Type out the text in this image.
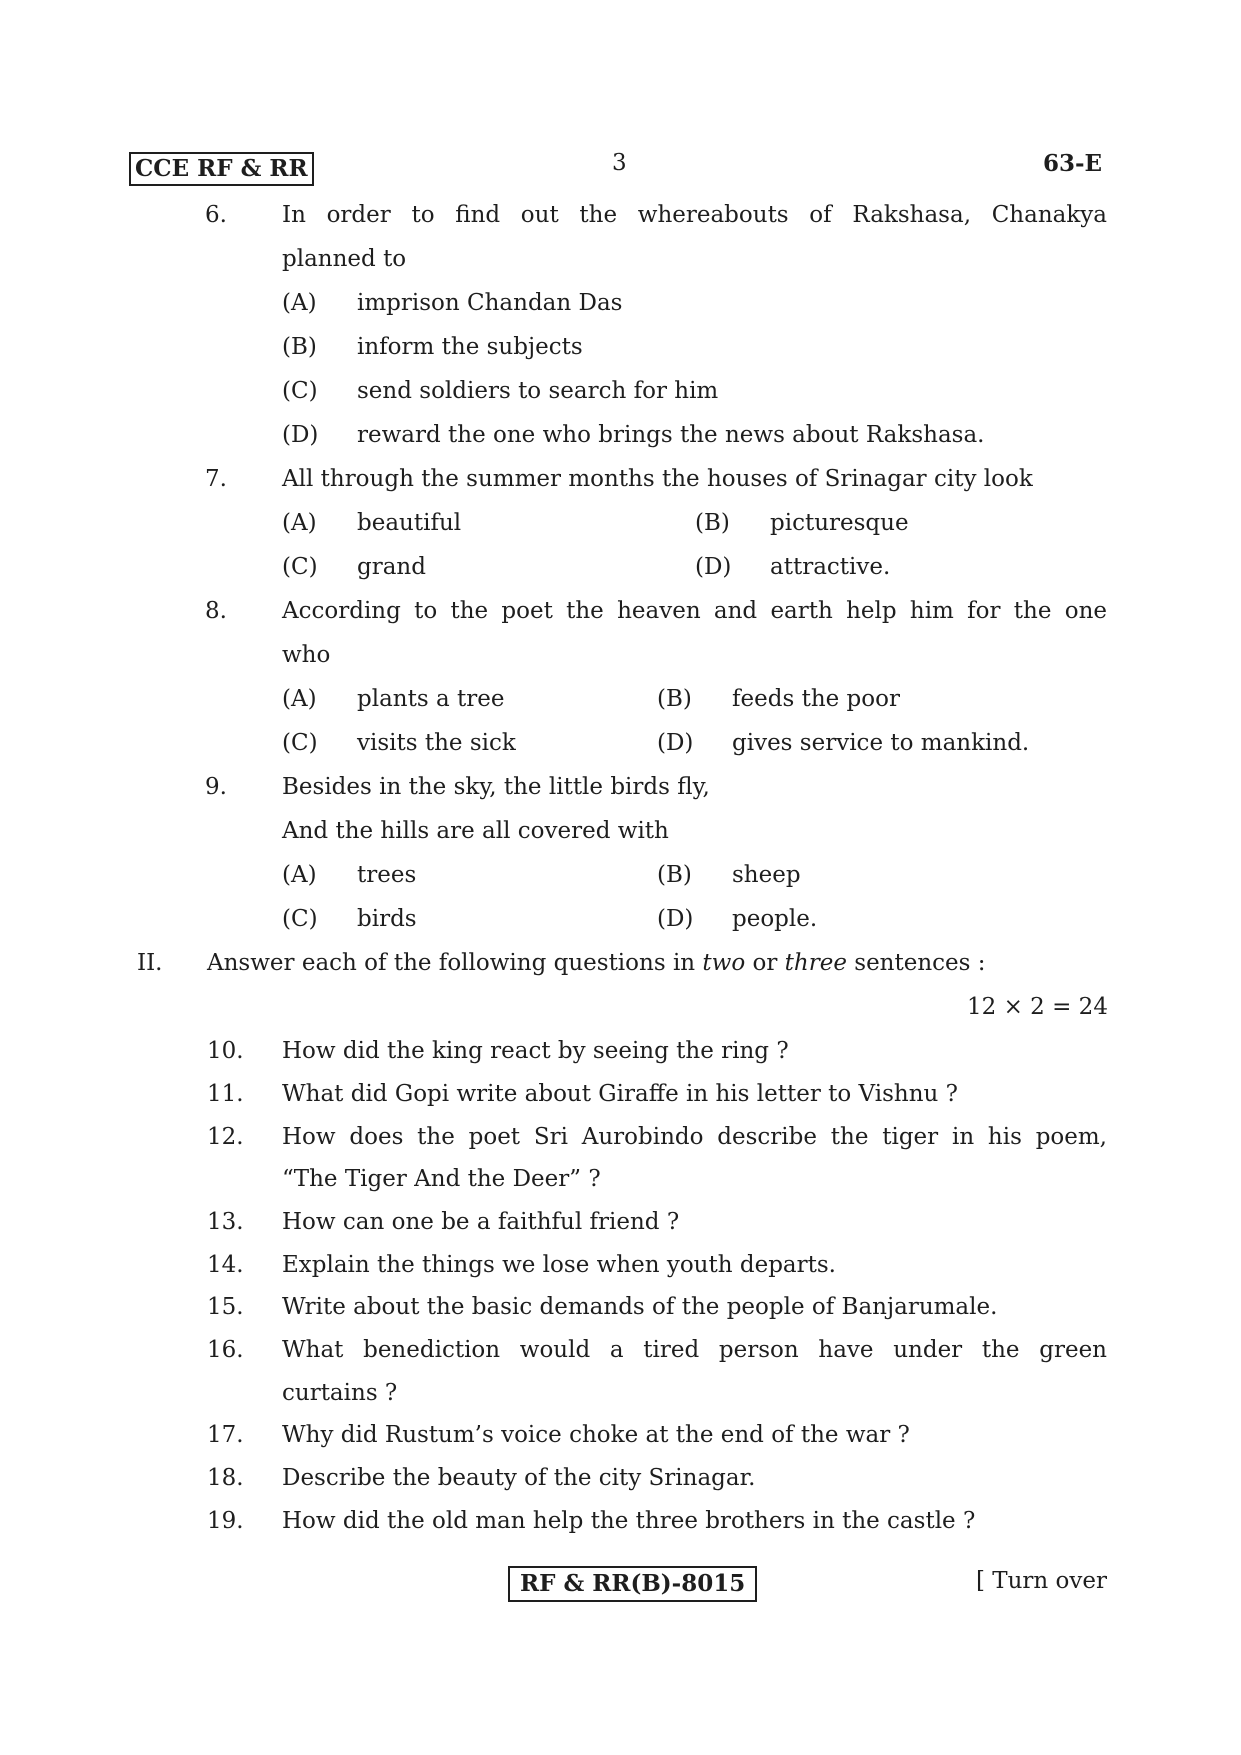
CCE RF & RR	3	63-E
6. In order to find out the whereabouts of Rakshasa, Chanakya
planned to
(A) imprison Chandan Das
(B) inform the subjects
(C) send soldiers to search for him
(D) reward the one who brings the news about Rakshasa.
7. All through the summer months the houses of Srinagar city look
(A) beautiful	(B) picturesque
(C) grand	(D) attractive.
8. According to the poet the heaven and earth help him for the one
who
(A) plants a tree	(B) feeds the poor
(C) visits the sick	(D) gives service to mankind.
9. Besides in the sky, the little birds fly,
And the hills are all covered with
(A) trees	(B) sheep
(C) birds	(D) people.
II. Answer each of the following questions in two or three sentences :
12 × 2 = 24
10. How did the king react by seeing the ring ?
11. What did Gopi write about Giraffe in his letter to Vishnu ?
12. How does the poet Sri Aurobindo describe the tiger in his poem,
“The Tiger And the Deer” ?
13. How can one be a faithful friend ?
14. Explain the things we lose when youth departs.
15. Write about the basic demands of the people of Banjarumale.
16. What benediction would a tired person have under the green
curtains ?
17. Why did Rustum’s voice choke at the end of the war ?
18. Describe the beauty of the city Srinagar.
19. How did the old man help the three brothers in the castle ?
RF & RR(B)-8015	[ Turn over
